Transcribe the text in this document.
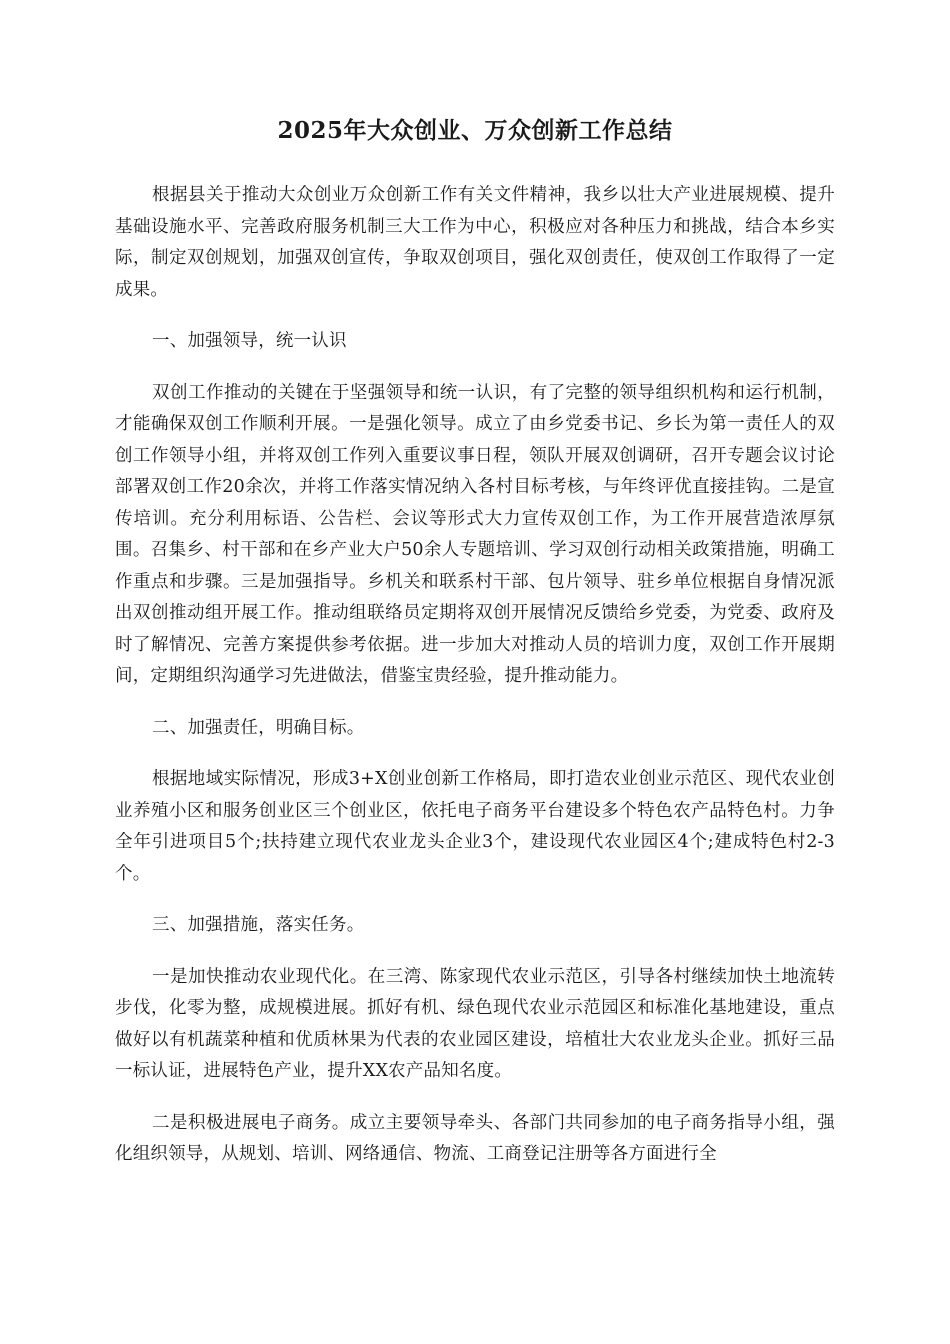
2025年大众创业、万众创新工作总结

根据县关于推动大众创业万众创新工作有关文件精神，我乡以壮大产业进展规模、提升基础设施水平、完善政府服务机制三大工作为中心，积极应对各种压力和挑战，结合本乡实际，制定双创规划，加强双创宣传，争取双创项目，强化双创责任，使双创工作取得了一定成果。

一、加强领导，统一认识

双创工作推动的关键在于坚强领导和统一认识，有了完整的领导组织机构和运行机制，才能确保双创工作顺利开展。一是强化领导。成立了由乡党委书记、乡长为第一责任人的双创工作领导小组，并将双创工作列入重要议事日程，领队开展双创调研，召开专题会议讨论部署双创工作20余次，并将工作落实情况纳入各村目标考核，与年终评优直接挂钩。二是宣传培训。充分利用标语、公告栏、会议等形式大力宣传双创工作，为工作开展营造浓厚氛围。召集乡、村干部和在乡产业大户50余人专题培训、学习双创行动相关政策措施，明确工作重点和步骤。三是加强指导。乡机关和联系村干部、包片领导、驻乡单位根据自身情况派出双创推动组开展工作。推动组联络员定期将双创开展情况反馈给乡党委，为党委、政府及时了解情况、完善方案提供参考依据。进一步加大对推动人员的培训力度，双创工作开展期间，定期组织沟通学习先进做法，借鉴宝贵经验，提升推动能力。

二、加强责任，明确目标。

根据地域实际情况，形成3+X创业创新工作格局，即打造农业创业示范区、现代农业创业养殖小区和服务创业区三个创业区，依托电子商务平台建设多个特色农产品特色村。力争全年引进项目5个;扶持建立现代农业龙头企业3个，建设现代农业园区4个;建成特色村2-3个。

三、加强措施，落实任务。

一是加快推动农业现代化。在三湾、陈家现代农业示范区，引导各村继续加快土地流转步伐，化零为整，成规模进展。抓好有机、绿色现代农业示范园区和标准化基地建设，重点做好以有机蔬菜种植和优质林果为代表的农业园区建设，培植壮大农业龙头企业。抓好三品一标认证，进展特色产业，提升XX农产品知名度。

二是积极进展电子商务。成立主要领导牵头、各部门共同参加的电子商务指导小组，强化组织领导，从规划、培训、网络通信、物流、工商登记注册等各方面进行全
